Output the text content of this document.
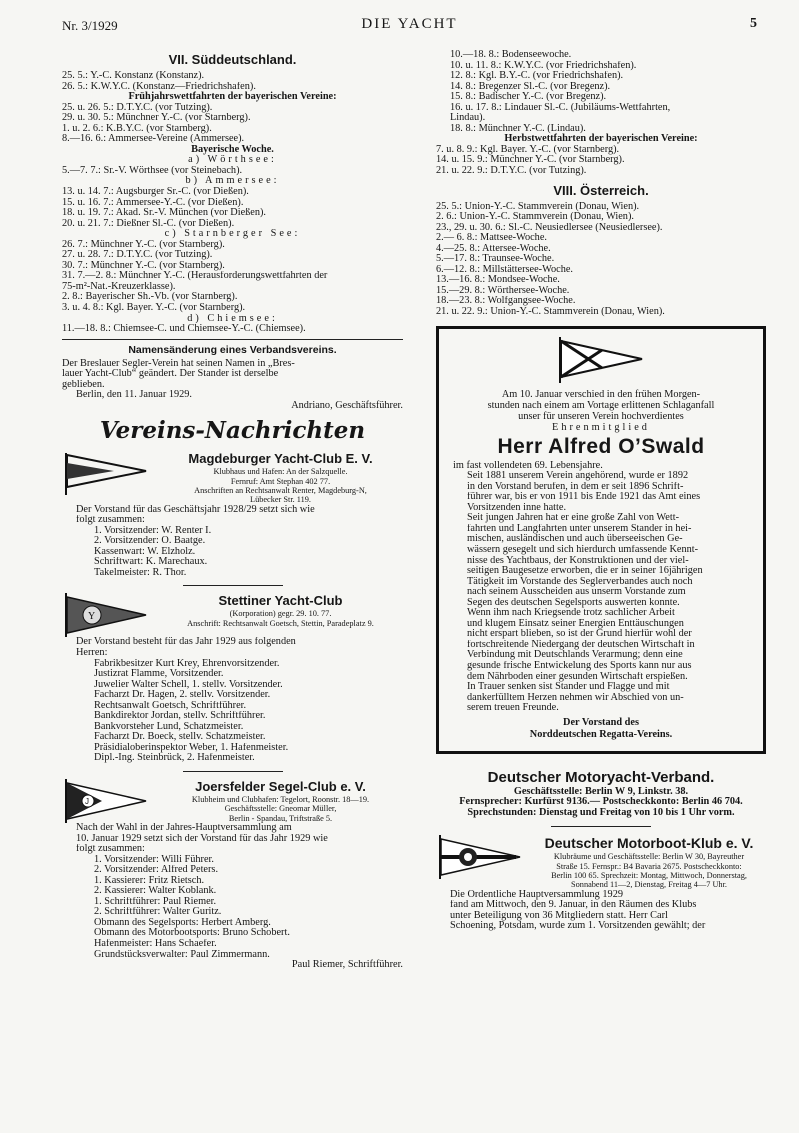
Nr. 3/1929	DIE YACHT	5
VII. Süddeutschland.
25. 5.: Y.-C. Konstanz (Konstanz).
26. 5.: K.W.Y.C. (Konstanz—Friedrichshafen).
Frühjahrswettfahrten der bayerischen Vereine:
25. u. 26. 5.: D.T.Y.C. (vor Tutzing).
29. u. 30. 5.: Münchner Y.-C. (vor Starnberg).
1. u. 2. 6.: K.B.Y.C. (vor Starnberg).
8.—16. 6.: Ammersee-Vereine (Ammersee).
Bayerische Woche.
a) Wörthsee:
5.—7. 7.: Sr.-V. Wörthsee (vor Steinebach).
b) Ammersee:
13. u. 14. 7.: Augsburger Sr.-C. (vor Dießen).
15. u. 16. 7.: Ammersee-Y.-C. (vor Dießen).
18. u. 19. 7.: Akad. Sr.-V. München (vor Dießen).
20. u. 21. 7.: Dießner Sl.-C. (vor Dießen).
c) Starnberger See:
26. 7.: Münchner Y.-C. (vor Starnberg).
27. u. 28. 7.: D.T.Y.C. (vor Tutzing).
30. 7.: Münchner Y.-C. (vor Starnberg).
31. 7.—2. 8.: Münchner Y.-C. (Herausforderungswettfahrten der
75-m²-Nat.-Kreuzerklasse).
2. 8.: Bayerischer Sh.-Vb. (vor Starnberg).
3. u. 4. 8.: Kgl. Bayer. Y.-C. (vor Starnberg).
d) Chiemsee:
11.—18. 8.: Chiemsee-C. und Chiemsee-Y.-C. (Chiemsee).
Namensänderung eines Verbandsvereins.
Der Breslauer Segler-Verein hat seinen Namen in „Bres-
lauer Yacht-Club“ geändert. Der Stander ist derselbe
geblieben.
Berlin, den 11. Januar 1929.
Andriano, Geschäftsführer.
Vereins-Nachrichten
Magdeburger Yacht-Club E. V.
Klubhaus und Hafen: An der Salzquelle.
Fernruf: Amt Stephan 402 77.
Anschriften an Rechtsanwalt Renter, Magdeburg-N,
Lübecker Str. 119.
Der Vorstand für das Geschäftsjahr 1928/29 setzt sich wie
folgt zusammen:
1. Vorsitzender: W. Renter I.
2. Vorsitzender: O. Baatge.
Kassenwart: W. Elzholz.
Schriftwart: K. Marechaux.
Takelmeister: R. Thor.
Y
Stettiner Yacht-Club
(Korporation) gegr. 29. 10. 77.
Anschrift: Rechtsanwalt Goetsch, Stettin, Paradeplatz 9.
Der Vorstand besteht für das Jahr 1929 aus folgenden
Herren:
Fabrikbesitzer Kurt Krey, Ehrenvorsitzender.
Justizrat Flamme, Vorsitzender.
Juwelier Walter Schell, 1. stellv. Vorsitzender.
Facharzt Dr. Hagen, 2. stellv. Vorsitzender.
Rechtsanwalt Goetsch, Schriftführer.
Bankdirektor Jordan, stellv. Schriftführer.
Bankvorsteher Lund, Schatzmeister.
Facharzt Dr. Boeck, stellv. Schatzmeister.
Präsidialoberinspektor Weber, 1. Hafenmeister.
Dipl.-Ing. Steinbrück, 2. Hafenmeister.
J
Joersfelder Segel-Club e. V.
Klubheim und Clubhafen: Tegelort, Roonstr. 18—19.
Geschäftsstelle: Gneomar Müller,
Berlin - Spandau, Triftstraße 5.
Nach der Wahl in der Jahres-Hauptversammlung am
10. Januar 1929 setzt sich der Vorstand für das Jahr 1929 wie
folgt zusammen:
1. Vorsitzender: Willi Führer.
2. Vorsitzender: Alfred Peters.
1. Kassierer: Fritz Rietsch.
2. Kassierer: Walter Koblank.
1. Schriftführer: Paul Riemer.
2. Schriftführer: Walter Guritz.
Obmann des Segelsports: Herbert Amberg.
Obmann des Motorbootsports: Bruno Schobert.
Hafenmeister: Hans Schaefer.
Grundstücksverwalter: Paul Zimmermann.
Paul Riemer, Schriftführer.
10.—18. 8.: Bodenseewoche.
10. u. 11. 8.: K.W.Y.C. (vor Friedrichshafen).
12. 8.: Kgl. B.Y.-C. (vor Friedrichshafen).
14. 8.: Bregenzer Sl.-C. (vor Bregenz).
15. 8.: Badischer Y.-C. (vor Bregenz).
16. u. 17. 8.: Lindauer Sl.-C. (Jubiläums-Wettfahrten,
Lindau).
18. 8.: Münchner Y.-C. (Lindau).
Herbstwettfahrten der bayerischen Vereine:
7. u. 8. 9.: Kgl. Bayer. Y.-C. (vor Starnberg).
14. u. 15. 9.: Münchner Y.-C. (vor Starnberg).
21. u. 22. 9.: D.T.Y.C. (vor Tutzing).
VIII. Österreich.
25. 5.: Union-Y.-C. Stammverein (Donau, Wien).
2. 6.: Union-Y.-C. Stammverein (Donau, Wien).
23., 29. u. 30. 6.: Sl.-C. Neusiedlersee (Neusiedlersee).
2.— 6. 8.: Mattsee-Woche.
4.—25. 8.: Attersee-Woche.
5.—17. 8.: Traunsee-Woche.
6.—12. 8.: Millstättersee-Woche.
13.—16. 8.: Mondsee-Woche.
15.—29. 8.: Wörthersee-Woche.
18.—23. 8.: Wolfgangsee-Woche.
21. u. 22. 9.: Union-Y.-C. Stammverein (Donau, Wien).
Am 10. Januar verschied in den frühen Morgen-
stunden nach einem am Vortage erlittenen Schlaganfall
unser für unseren Verein hochverdientes
Ehrenmitglied
Herr Alfred O’Swald
im fast vollendeten 69. Lebensjahre.
Seit 1881 unserem Verein angehörend, wurde er 1892
in den Vorstand berufen, in dem er seit 1896 Schrift-
führer war, bis er von 1911 bis Ende 1921 das Amt eines
Vorsitzenden inne hatte.
Seit jungen Jahren hat er eine große Zahl von Wett-
fahrten und Langfahrten unter unserem Stander in hei-
mischen, ausländischen und auch überseeischen Ge-
wässern gesegelt und sich hierdurch umfassende Kennt-
nisse des Yachtbaus, der Konstruktionen und der viel-
seitigen Baugesetze erworben, die er in seiner 16jährigen
Tätigkeit im Vorstande des Seglerverbandes auch noch
nach seinem Ausscheiden aus unserm Vorstande zum
Segen des deutschen Segelsports auswerten konnte.
Wenn ihm nach Kriegsende trotz sachlicher Arbeit
und klugem Einsatz seiner Energien Enttäuschungen
nicht erspart blieben, so ist der Grund hierfür wohl der
fortschreitende Niedergang der deutschen Wirtschaft in
Verbindung mit Deutschlands Verarmung; denn eine
gesunde frische Entwickelung des Sports kann nur aus
dem Nährboden einer gesunden Wirtschaft erspießen.
In Trauer senken sist Stander und Flagge und mit
dankerfülltem Herzen nehmen wir Abschied von un-
serem treuen Freunde.
Der Vorstand des
Norddeutschen Regatta-Vereins.
Deutscher Motoryacht-Verband.
Geschäftsstelle: Berlin W 9, Linkstr. 38.
Fernsprecher: Kurfürst 9136.— Postscheckkonto: Berlin 46 704.
Sprechstunden: Dienstag und Freitag von 10 bis 1 Uhr vorm.
Deutscher Motorboot-Klub e. V.
Klubräume und Geschäftsstelle: Berlin W 30, Bayreuther
Straße 15. Fernspr.: B4 Bavaria 2675. Postscheckkonto:
Berlin 100 65. Sprechzeit: Montag, Mittwoch, Donnerstag,
Sonnabend 11—2, Dienstag, Freitag 4—7 Uhr.
Die Ordentliche Hauptversammlung 1929
fand am Mittwoch, den 9. Januar, in den Räumen des Klubs
unter Beteiligung von 36 Mitgliedern statt. Herr Carl
Schoening, Potsdam, wurde zum 1. Vorsitzenden gewählt; der
